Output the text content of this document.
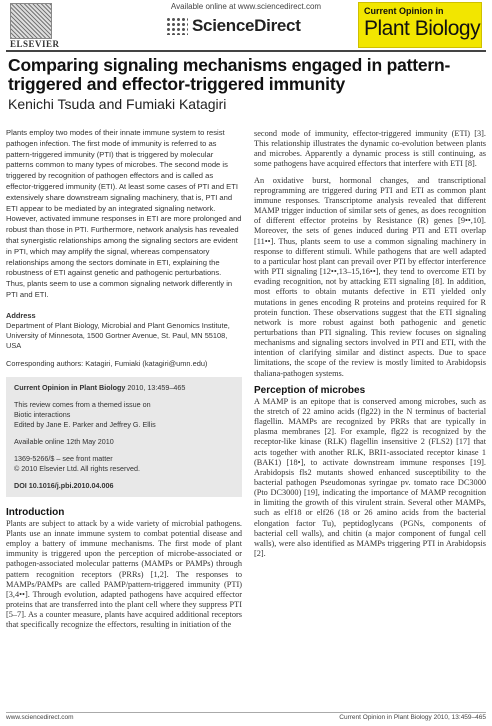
ELSEVIER
Available online at www.sciencedirect.com
ScienceDirect
Current Opinion in
Plant Biology
Comparing signaling mechanisms engaged in pattern-triggered and effector-triggered immunity
Kenichi Tsuda and Fumiaki Katagiri

Plants employ two modes of their innate immune system to resist pathogen infection. The first mode of immunity is referred to as pattern-triggered immunity (PTI) that is triggered by molecular patterns common to many types of microbes. The second mode is triggered by recognition of pathogen effectors and is called as effector-triggered immunity (ETI). At least some cases of PTI and ETI extensively share downstream signaling machinery, that is, PTI and ETI appear to be mediated by an integrated signaling network. However, activated immune responses in ETI are more prolonged and robust than those in PTI. Furthermore, network analysis has revealed that synergistic relationships among the signaling sectors are evident in PTI, which may amplify the signal, whereas compensatory relationships among the sectors dominate in ETI, explaining the robustness of ETI against genetic and pathogenic perturbations. Thus, plants seem to use a common signaling network differently in PTI and ETI.

Address
Department of Plant Biology, Microbial and Plant Genomics Institute, University of Minnesota, 1500 Gortner Avenue, St. Paul, MN 55108, USA
Corresponding authors: Katagiri, Fumiaki (katagiri@umn.edu)

Current Opinion in Plant Biology 2010, 13:459–465

This review comes from a themed issue on
Biotic interactions
Edited by Jane E. Parker and Jeffrey G. Ellis

Available online 12th May 2010

1369-5266/$ – see front matter
© 2010 Elsevier Ltd. All rights reserved.

DOI 10.1016/j.pbi.2010.04.006

Introduction

Plants are subject to attack by a wide variety of microbial pathogens. Plants use an innate immune system to combat potential disease and employ a battery of immune mechanisms. The first mode of plant immunity is triggered upon the perception of microbe-associated or pathogen-associated molecular patterns (MAMPs or PAMPs) through pattern recognition receptors (PRRs) [1,2]. The responses to MAMPs/PAMPs are called PAMP/pattern-triggered immunity (PTI) [3,4••]. Through evolution, adapted pathogens have acquired effector proteins that are transferred into the plant cell where they suppress PTI [5–7]. As a counter measure, plants have acquired additional receptors that specifically recognize the effectors, resulting in initiation of the

second mode of immunity, effector-triggered immunity (ETI) [3]. This relationship illustrates the dynamic co-evolution between plants and microbes. Apparently a dynamic process is still continuing, as some pathogens have acquired effectors that interfere with ETI [8].

An oxidative burst, hormonal changes, and transcriptional reprogramming are triggered during PTI and ETI as common plant immune responses. Transcriptome analysis revealed that different MAMP trigger induction of similar sets of genes, as does recognition of different effector proteins by Resistance (R) genes [9••,10]. Moreover, the sets of genes induced during PTI and ETI overlap [11••]. Thus, plants seem to use a common signaling machinery in response to different stimuli. While pathogens that are well adapted to a particular host plant can prevail over PTI by effector interference with PTI signaling [12••,13–15,16••], they tend to overcome ETI by evading recognition, not by attacking ETI signaling [8]. In addition, most efforts to obtain mutants defective in ETI yielded only mutations in genes encoding R proteins and proteins required for R protein function. These observations suggest that the ETI signaling network is more robust against both pathogenic and genetic perturbations than PTI signaling. This review focuses on signaling mechanisms and signaling sectors involved in PTI and ETI, with the intention of clarifying similar and distinct aspects. Due to space limitations, the scope of the review is mostly limited to Arabidopsis thaliana-pathogen systems.

Perception of microbes

A MAMP is an epitope that is conserved among microbes, such as the stretch of 22 amino acids (flg22) in the N terminus of bacterial flagellin. MAMPs are recognized by PRRs that are typically in plasma membranes [2]. For example, flg22 is recognized by the receptor-like kinase (RLK) flagellin insensitive 2 (FLS2) [17] that acts together with another RLK, BRI1-associated receptor kinase 1 (BAK1) [18•], to activate downstream immune responses [19]. Arabidopsis fls2 mutants showed enhanced susceptibility to the bacterial pathogen Pseudomonas syringae pv. tomato race DC3000 (Pto DC3000) [19], indicating the importance of MAMP recognition in limiting the growth of this virulent strain. Several other MAMPs, such as elf18 or elf26 (18 or 26 amino acids from the bacterial elongation factor Tu), peptidoglycans (PGNs, components of bacterial cell walls), and chitin (a major component of fungal cell walls), were also identified as MAMPs triggering PTI in Arabidopsis [2].

www.sciencedirect.com	Current Opinion in Plant Biology 2010, 13:459–465
